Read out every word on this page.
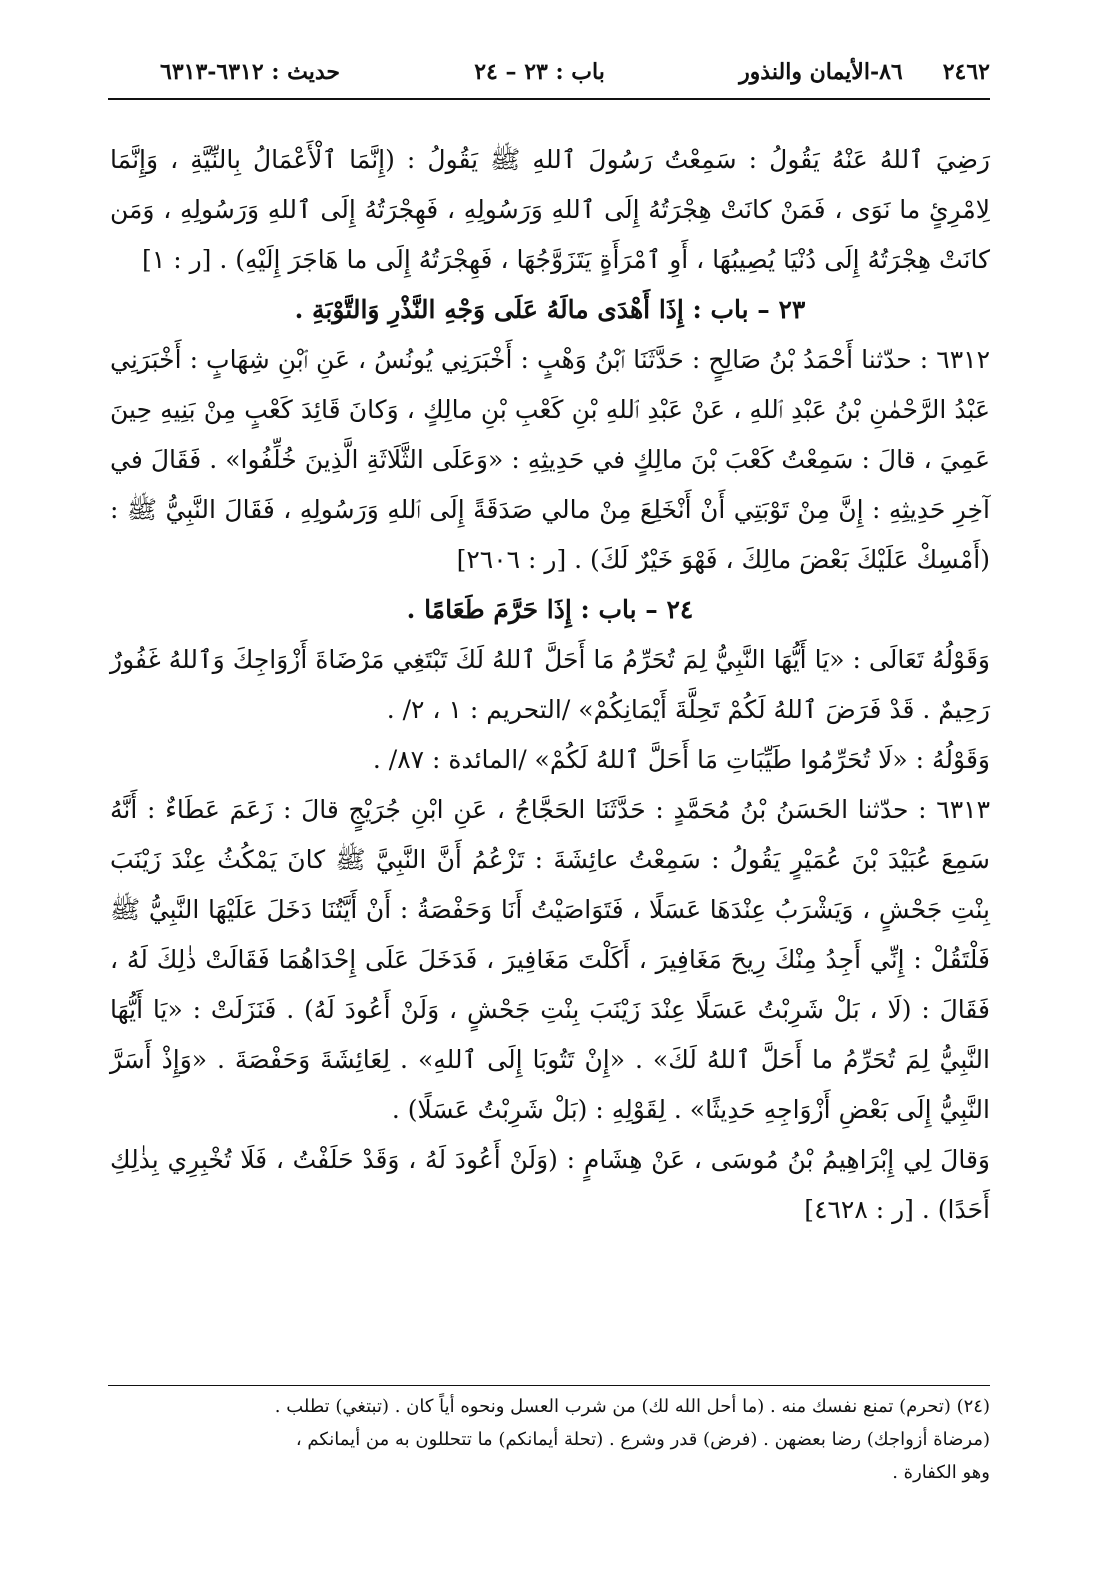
٢٤٦٢
٨٦-الأيمان والنذور
باب : ٢٣ – ٢٤
حديث : ٦٣١٢-٦٣١٣

رَضِيَ ٱللهُ عَنْهُ يَقُولُ : سَمِعْتُ رَسُولَ ٱللهِ ﷺ يَقُولُ : (إِنَّمَا ٱلْأَعْمَالُ بِالنِّيَّةِ ، وَإِنَّمَا لِامْرِئٍ ما نَوَى ، فَمَنْ كانَتْ هِجْرَتُهُ إِلَى ٱللهِ وَرَسُولِهِ ، فَهِجْرَتُهُ إِلَى ٱللهِ وَرَسُولِهِ ، وَمَن كانَتْ هِجْرَتُهُ إِلَى دُنْيَا يُصِيبُهَا ، أَوِ ٱمْرَأَةٍ يَتَزَوَّجُهَا ، فَهِجْرَتُهُ إِلَى ما هَاجَرَ إِلَيْهِ) . [ر : ١]

٢٣ – باب : إِذَا أَهْدَى مالَهُ عَلَى وَجْهِ النَّذْرِ وَالتَّوْبَةِ .

٦٣١٢ : حدّثنا أَحْمَدُ بْنُ صَالِحٍ : حَدَّثَنَا ٱبْنُ وَهْبٍ : أَخْبَرَنِي يُونُسُ ، عَنِ ٱبْنِ شِهَابٍ : أَخْبَرَنِي عَبْدُ الرَّحْمٰنِ بْنُ عَبْدِ ٱللهِ ، عَنْ عَبْدِ ٱللهِ بْنِ كَعْبِ بْنِ مالِكٍ ، وَكانَ قَائِدَ كَعْبٍ مِنْ بَنِيهِ حِينَ عَمِيَ ، قالَ : سَمِعْتُ كَعْبَ بْنَ مالِكٍ في حَدِيثِهِ : «وَعَلَى الثَّلَاثَةِ الَّذِينَ خُلِّفُوا» . فَقَالَ في آخِرِ حَدِيثِهِ : إِنَّ مِنْ تَوْبَتِي أَنْ أَنْخَلِعَ مِنْ مالي صَدَقَةً إِلَى ٱللهِ وَرَسُولِهِ ، فَقَالَ النَّبِيُّ ﷺ : (أَمْسِكْ عَلَيْكَ بَعْضَ مالِكَ ، فَهْوَ خَيْرٌ لَكَ) . [ر : ٢٦٠٦]

٢٤ – باب : إِذَا حَرَّمَ طَعَامًا .

وَقَوْلُهُ تَعَالَى : «يَا أَيُّهَا النَّبِيُّ لِمَ تُحَرِّمُ مَا أَحَلَّ ٱللهُ لَكَ تَبْتَغِي مَرْضَاةَ أَزْوَاجِكَ وَٱللهُ غَفُورٌ رَحِيمٌ . قَدْ فَرَضَ ٱللهُ لَكُمْ تَحِلَّةَ أَيْمَانِكُمْ» /التحريم : ١ ، ٢/ .

وَقَوْلُهُ : «لَا تُحَرِّمُوا طَيِّبَاتِ مَا أَحَلَّ ٱللهُ لَكُمْ» /المائدة : ٨٧/ .

٦٣١٣ : حدّثنا الحَسَنُ بْنُ مُحَمَّدٍ : حَدَّثَنَا الحَجَّاجُ ، عَنِ ابْنِ جُرَيْجٍ قالَ : زَعَمَ عَطَاءٌ : أَنَّهُ سَمِعَ عُبَيْدَ بْنَ عُمَيْرٍ يَقُولُ : سَمِعْتُ عائِشَةَ : تَزْعُمُ أَنَّ النَّبِيَّ ﷺ كانَ يَمْكُثُ عِنْدَ زَيْنَبَ بِنْتِ جَحْشٍ ، وَيَشْرَبُ عِنْدَهَا عَسَلًا ، فَتَوَاصَيْتُ أَنَا وَحَفْصَةُ : أَنْ أَيَّتُنَا دَخَلَ عَلَيْهَا النَّبِيُّ ﷺ فَلْتَقُلْ : إِنِّي أَجِدُ مِنْكَ رِيحَ مَغَافِيرَ ، أَكَلْتَ مَغَافِيرَ ، فَدَخَلَ عَلَى إِحْدَاهُمَا فَقَالَتْ ذٰلِكَ لَهُ ، فَقَالَ : (لَا ، بَلْ شَرِبْتُ عَسَلًا عِنْدَ زَيْنَبَ بِنْتِ جَحْشٍ ، وَلَنْ أَعُودَ لَهُ) . فَنَزَلَتْ : «يَا أَيُّهَا النَّبِيُّ لِمَ تُحَرِّمُ ما أَحَلَّ ٱللهُ لَكَ» . «إِنْ تَتُوبَا إِلَى ٱللهِ» . لِعَائِشَةَ وَحَفْصَةَ . «وَإِذْ أَسَرَّ النَّبِيُّ إِلَى بَعْضِ أَزْوَاجِهِ حَدِيثًا» . لِقَوْلِهِ : (بَلْ شَرِبْتُ عَسَلًا) .

وَقالَ لِي إِبْرَاهِيمُ بْنُ مُوسَى ، عَنْ هِشَامٍ : (وَلَنْ أَعُودَ لَهُ ، وَقَدْ حَلَفْتُ ، فَلَا تُخْبِرِي بِذٰلِكِ أَحَدًا) . [ر : ٤٦٢٨]

(٢٤) (تحرم) تمنع نفسك منه . (ما أحل الله لك) من شرب العسل ونحوه أياً كان . (تبتغي) تطلب .

(مرضاة أزواجك) رضا بعضهن . (فرض) قدر وشرع . (تحلة أيمانكم) ما تتحللون به من أيمانكم ،

وهو الكفارة .
